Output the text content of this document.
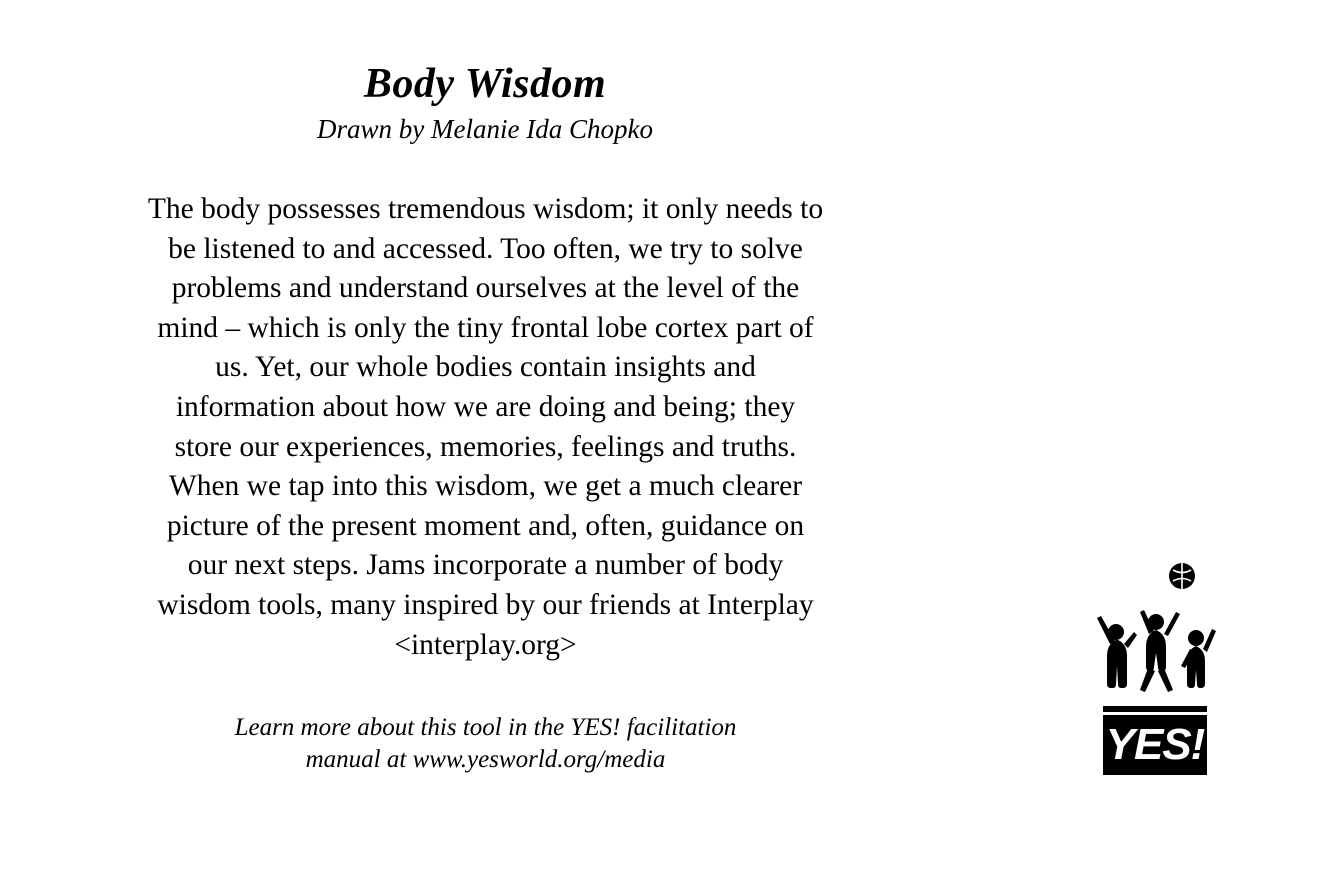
Body Wisdom
Drawn by Melanie Ida Chopko
The body possesses tremendous wisdom; it only needs to
be listened to and accessed. Too often, we try to solve
problems and understand ourselves at the level of the
mind – which is only the tiny frontal lobe cortex part of
us. Yet, our whole bodies contain insights and
information about how we are doing and being; they
store our experiences, memories, feelings and truths.
When we tap into this wisdom, we get a much clearer
picture of the present moment and, often, guidance on
our next steps. Jams incorporate a number of body
wisdom tools, many inspired by our friends at Interplay
<interplay.org>
Learn more about this tool in the YES! facilitation
manual at www.yesworld.org/media	YES!
